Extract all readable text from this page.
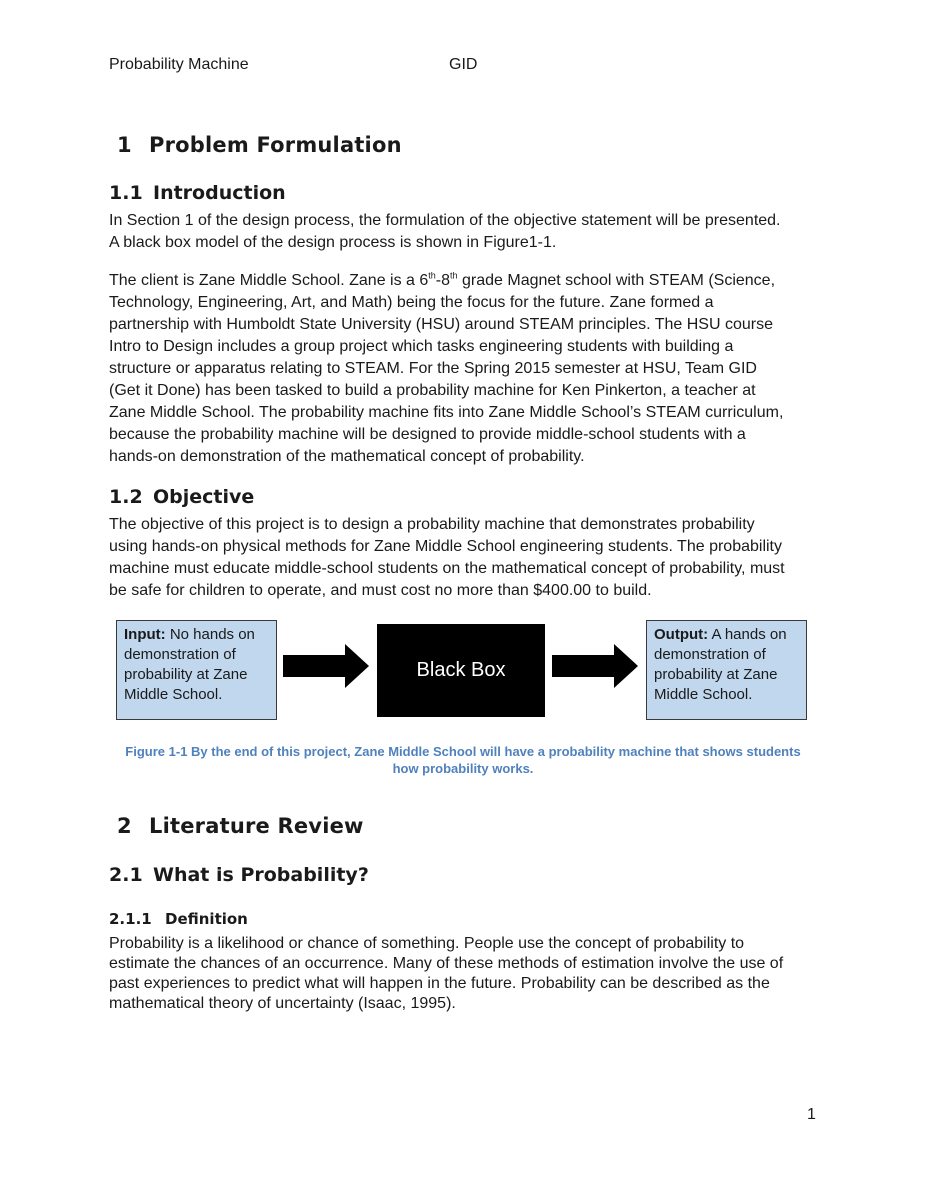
Probability Machine	GID
1 Problem Formulation
1.1 Introduction
In Section 1 of the design process, the formulation of the objective statement will be presented.
A black box model of the design process is shown in Figure1-1.
The client is Zane Middle School. Zane is a 6th-8th grade Magnet school with STEAM (Science,
Technology, Engineering, Art, and Math) being the focus for the future. Zane formed a
partnership with Humboldt State University (HSU) around STEAM principles. The HSU course
Intro to Design includes a group project which tasks engineering students with building a
structure or apparatus relating to STEAM. For the Spring 2015 semester at HSU, Team GID
(Get it Done) has been tasked to build a probability machine for Ken Pinkerton, a teacher at
Zane Middle School. The probability machine fits into Zane Middle School’s STEAM curriculum,
because the probability machine will be designed to provide middle-school students with a
hands-on demonstration of the mathematical concept of probability.
1.2 Objective
The objective of this project is to design a probability machine that demonstrates probability
using hands-on physical methods for Zane Middle School engineering students. The probability
machine must educate middle-school students on the mathematical concept of probability, must
be safe for children to operate, and must cost no more than $400.00 to build.
Input: No hands on
demonstration of
probability at Zane
Middle School.
Black Box
Output: A hands on
demonstration of
probability at Zane
Middle School.
Figure 1-1 By the end of this project, Zane Middle School will have a probability machine that shows students
how probability works.
2 Literature Review
2.1 What is Probability?
2.1.1 Definition
Probability is a likelihood or chance of something. People use the concept of probability to
estimate the chances of an occurrence. Many of these methods of estimation involve the use of
past experiences to predict what will happen in the future. Probability can be described as the
mathematical theory of uncertainty (Isaac, 1995).
1
